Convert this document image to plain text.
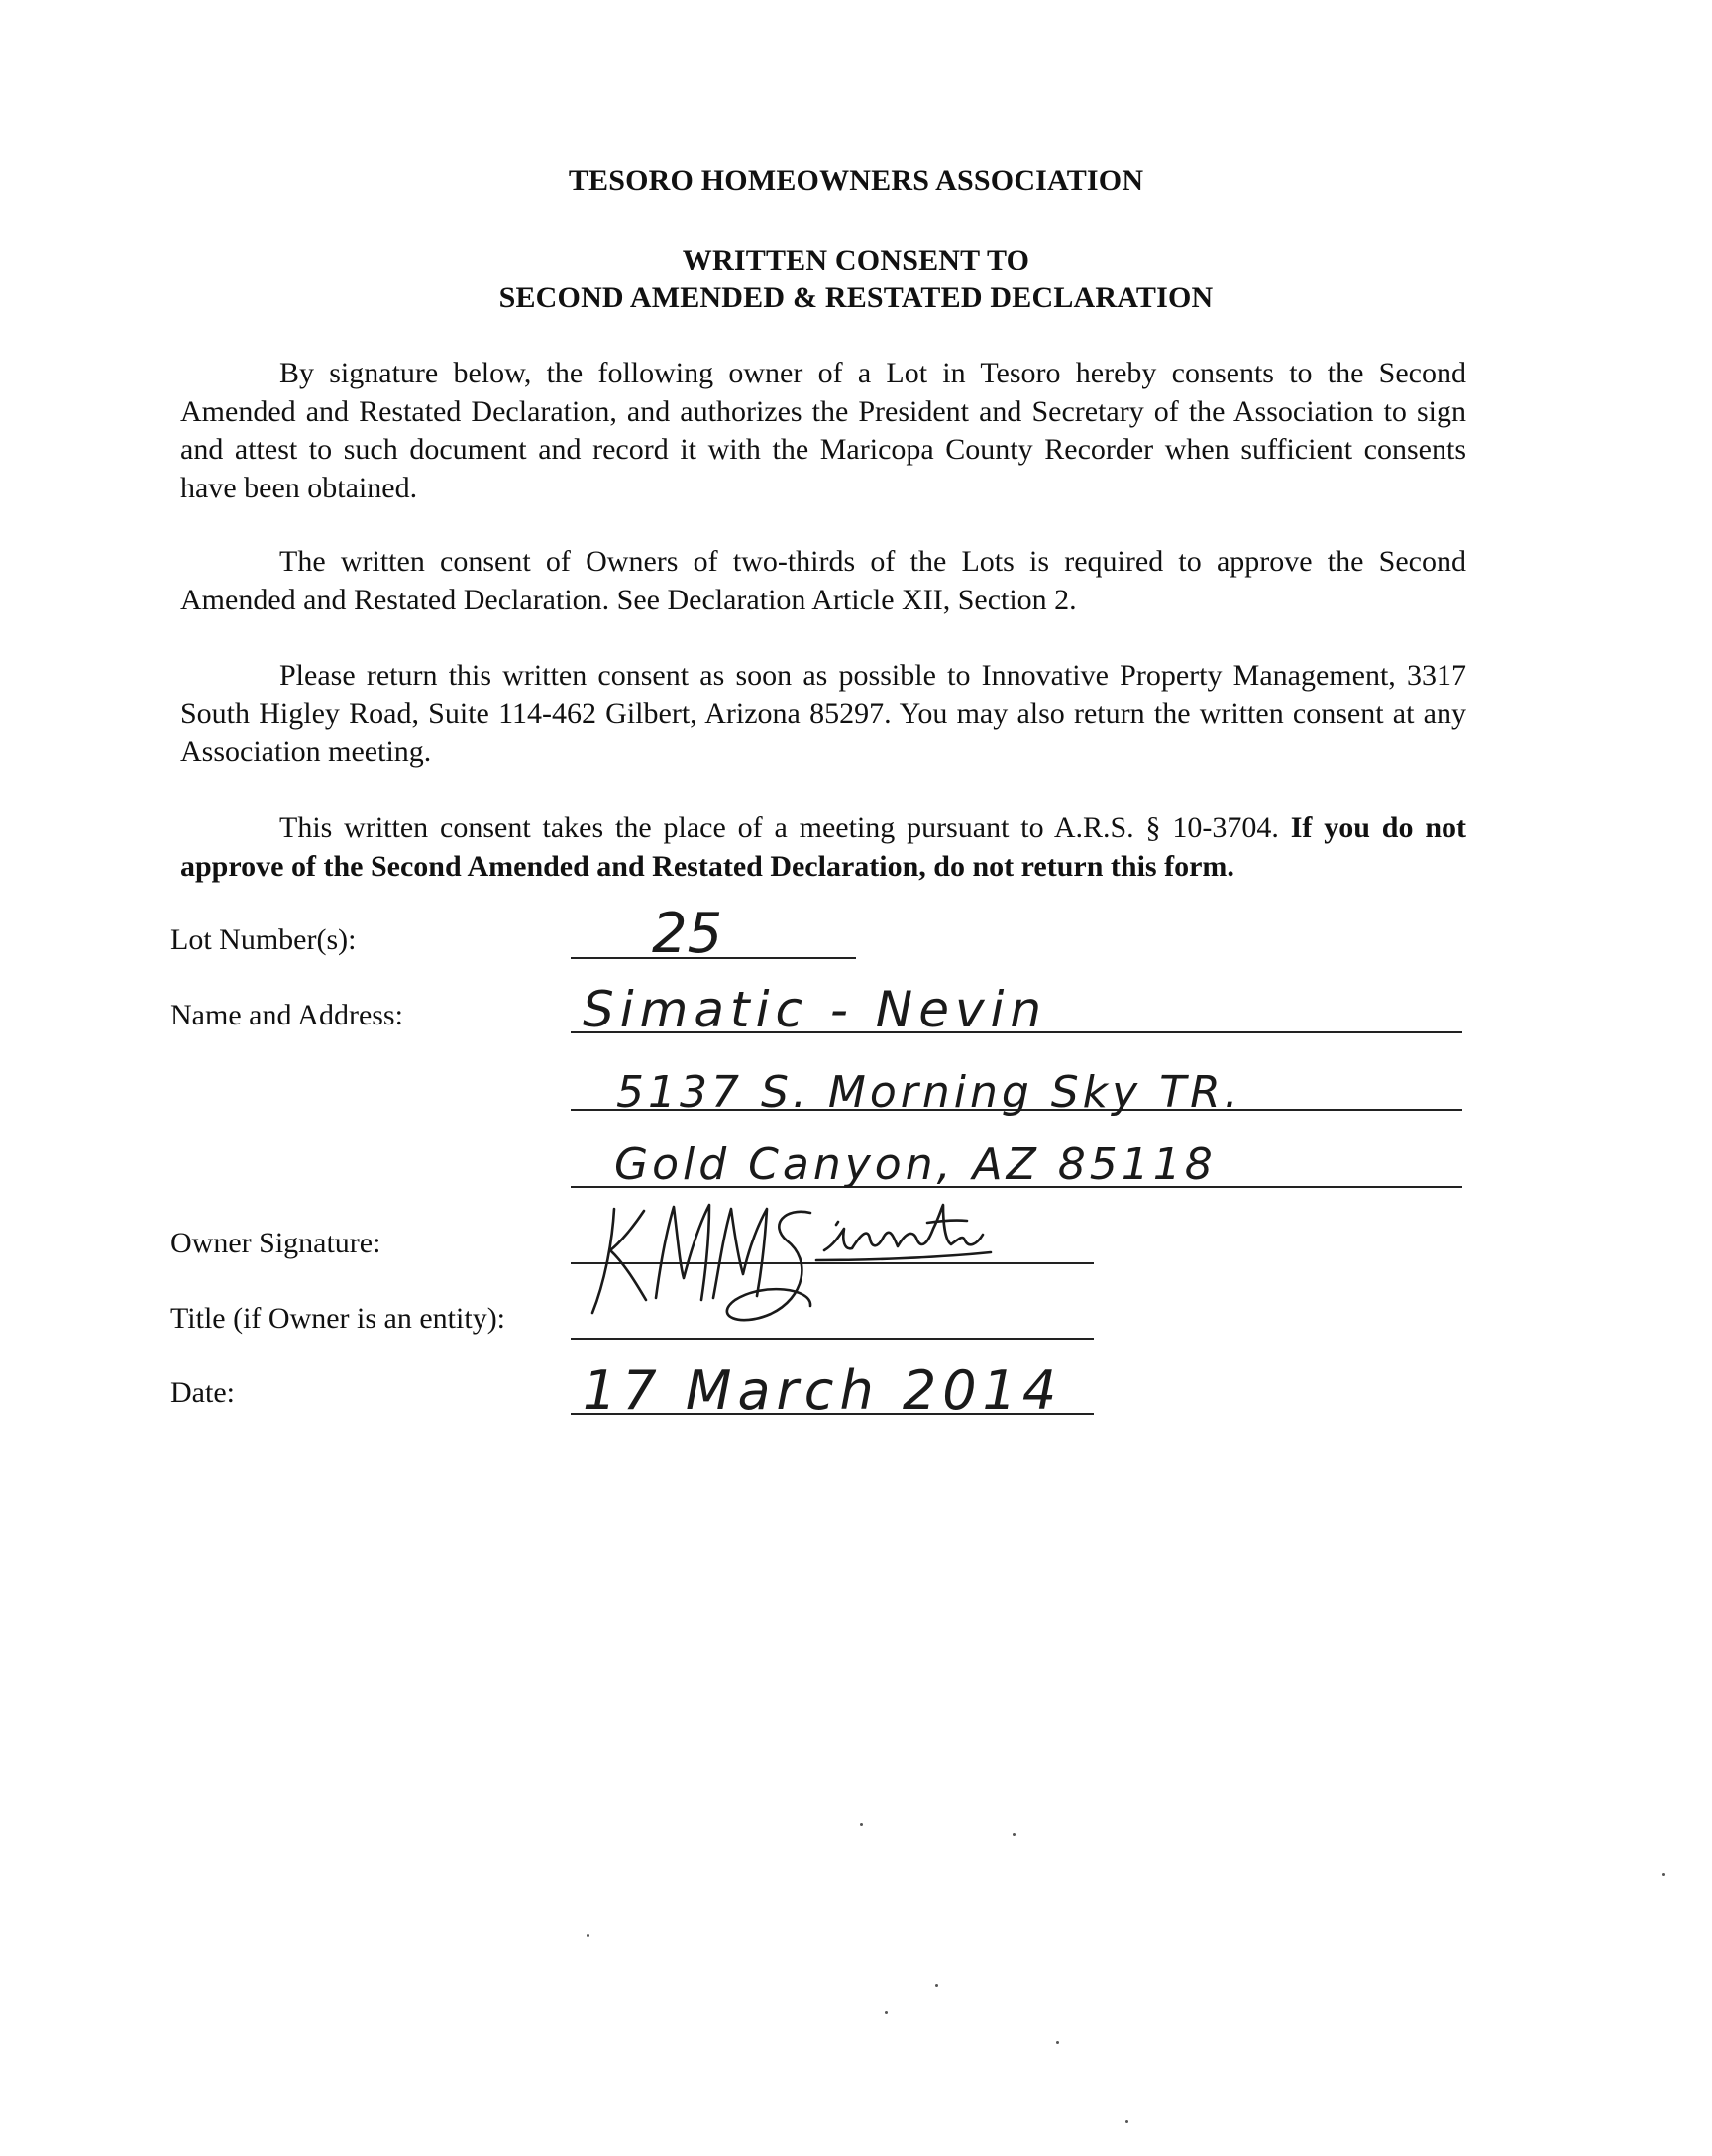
TESORO HOMEOWNERS ASSOCIATION
WRITTEN CONSENT TO
SECOND AMENDED & RESTATED DECLARATION
By signature below, the following owner of a Lot in Tesoro hereby consents to the Second Amended and Restated Declaration, and authorizes the President and Secretary of the Association to sign and attest to such document and record it with the Maricopa County Recorder when sufficient consents have been obtained.
The written consent of Owners of two-thirds of the Lots is required to approve the Second Amended and Restated Declaration. See Declaration Article XII, Section 2.
Please return this written consent as soon as possible to Innovative Property Management, 3317 South Higley Road, Suite 114-462 Gilbert, Arizona 85297. You may also return the written consent at any Association meeting.
This written consent takes the place of a meeting pursuant to A.R.S. § 10-3704. If you do not approve of the Second Amended and Restated Declaration, do not return this form.
Lot Number(s):
Name and Address:
Owner Signature:
Title (if Owner is an entity):
Date:
25
Simatic - Nevin
5137 S. Morning Sky TR.
Gold Canyon, AZ 85118
17 March 2014
